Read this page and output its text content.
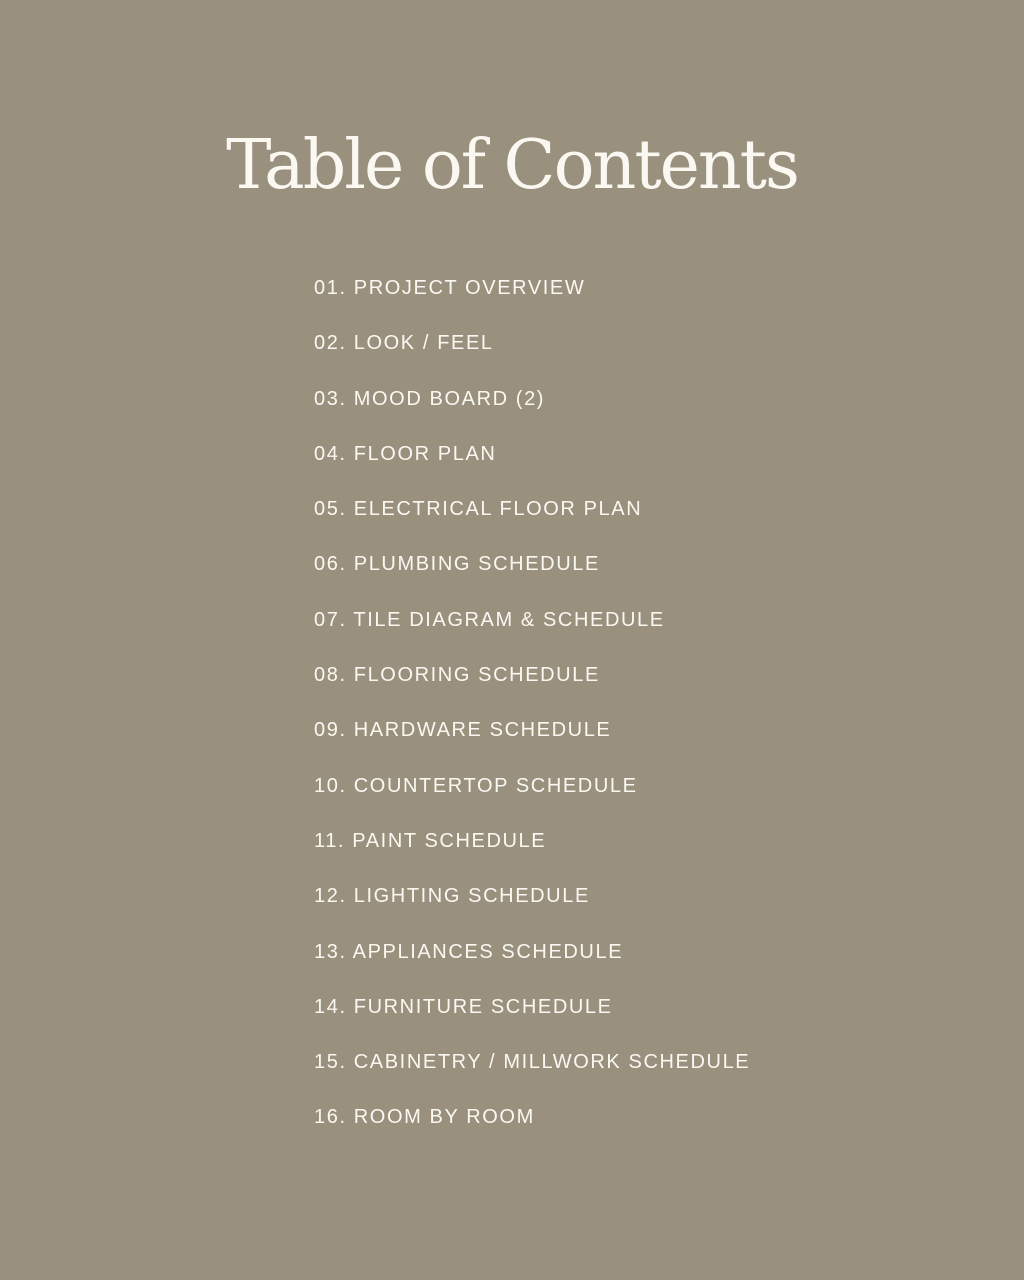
Table of Contents
01. PROJECT OVERVIEW
02. LOOK / FEEL
03. MOOD BOARD (2)
04. FLOOR PLAN
05. ELECTRICAL FLOOR PLAN
06. PLUMBING SCHEDULE
07. TILE DIAGRAM & SCHEDULE
08. FLOORING SCHEDULE
09. HARDWARE SCHEDULE
10. COUNTERTOP SCHEDULE
11. PAINT SCHEDULE
12. LIGHTING SCHEDULE
13. APPLIANCES SCHEDULE
14. FURNITURE SCHEDULE
15. CABINETRY / MILLWORK SCHEDULE
16. ROOM BY ROOM
